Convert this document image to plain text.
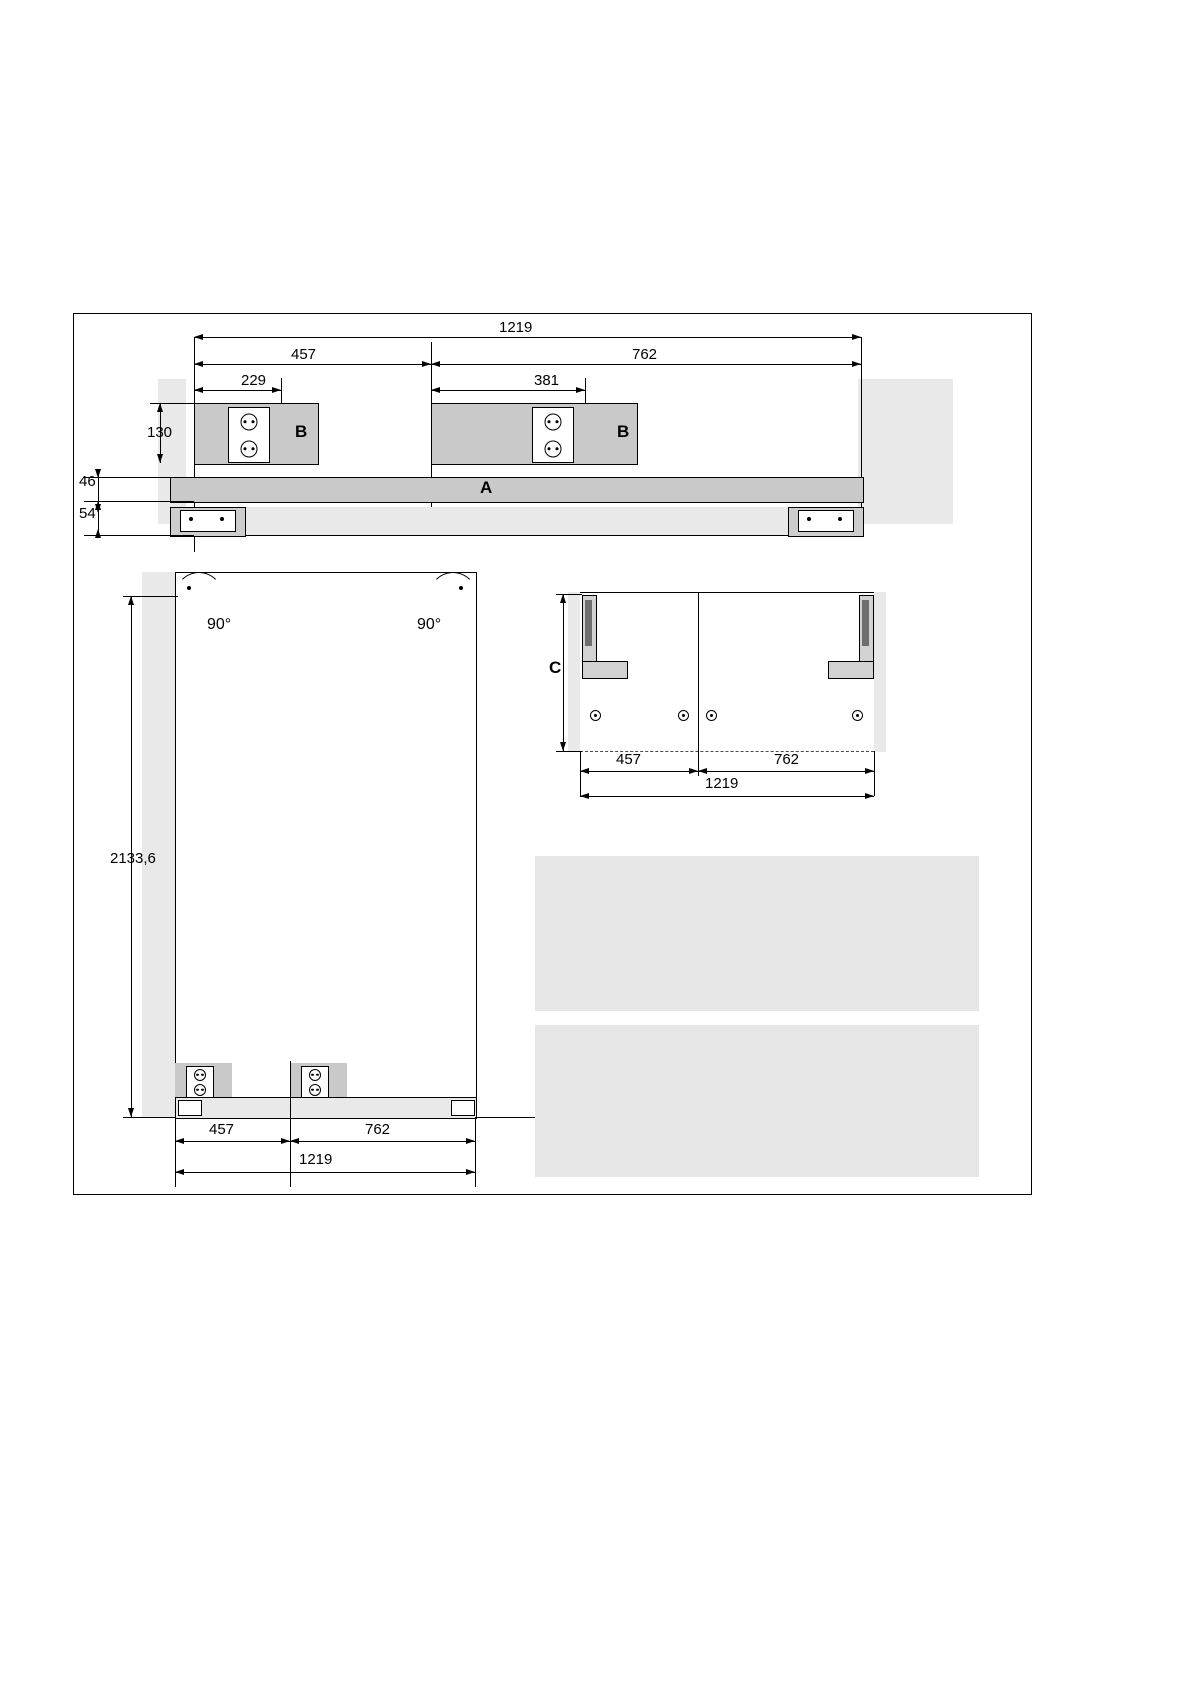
1219
457	762
229	381
B	B
130
A
46
54
90°	90°
2133,6
457	762
1219
C
457	762
1219
